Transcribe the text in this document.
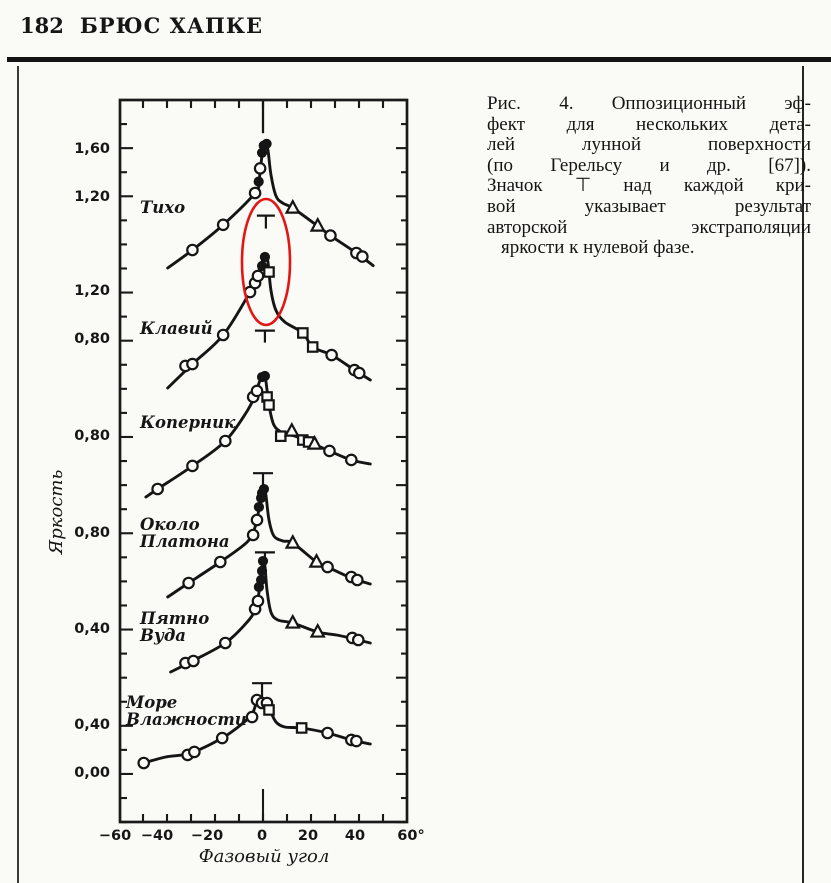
1,60
1,20
1,20
0,80
0,80
0,80
0,40
0,40
0,00
−60 −40 −20 0 20 40 60°
Яркость
Фазовый угол
Тихо
Клавий
Коперник
Около
Платона
Пятно
Вуда
Море
Влажности
182 БРЮС ХАПКЕ
Рис. 4. Оппозиционный эф-
фект для нескольких дета-
лей лунной поверхности
(по Герельсу и др. [67]).
Значок ⊤ над каждой кри-
вой указывает результат
авторской экстраполяции
яркости к нулевой фазе.
